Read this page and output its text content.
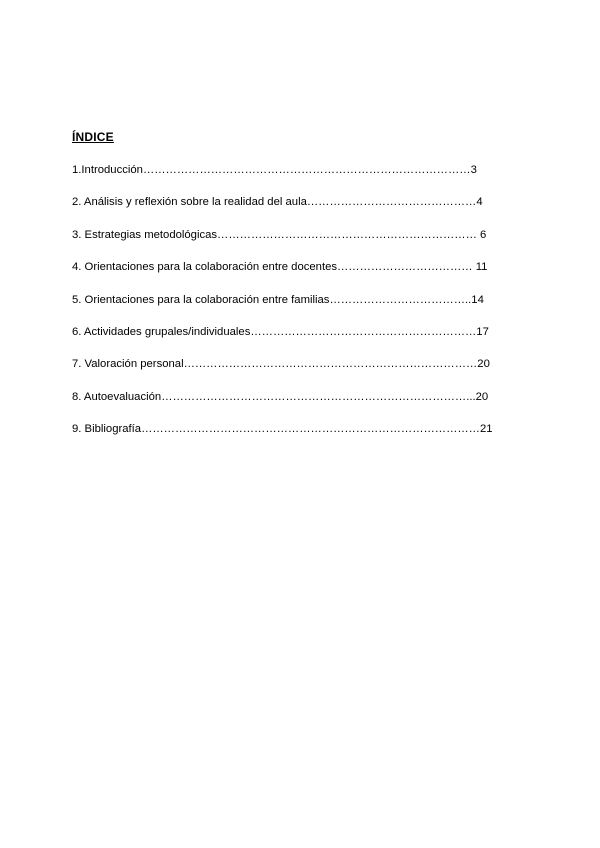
ÍNDICE
1.Introducción……………………………………………………………………………3
2. Análisis y reflexión sobre la realidad del aula………………………………………4
3. Estrategias metodológicas…………………………………………………………… 6
4. Orientaciones para la colaboración entre docentes……………………………… 11
5. Orientaciones para la colaboración entre familias………………………………..14
6. Actividades grupales/individuales……………………………………………………17
7. Valoración personal……………………………………………………………………20
8. Autoevaluación………………………………………………………………………...20
9. Bibliografía………………………………………………………………………………21
